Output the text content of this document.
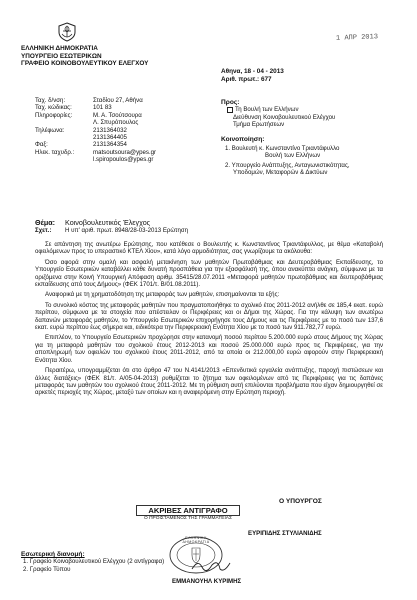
ΕΛΛΗΝΙΚΗ ΔΗΜΟΚΡΑΤΙΑ
ΥΠΟΥΡΓΕΙΟ ΕΣΩΤΕΡΙΚΩΝ
ΓΡΑΦΕΙΟ ΚΟΙΝΟΒΟΥΛΕΥΤΙΚΟΥ ΕΛΕΓΧΟΥ
1 ΑΠΡ 2013
Αθηνα, 18 - 04 - 2013
Αριθ. πρωτ.: 677
Ταχ. δ/νση:	Σταδίου 27, Αθήνα
Ταχ. κώδικας:	101 83
Πληροφορίες:	Μ. Α. Τσούτσουρα
Λ. Σπυρόπουλος
Τηλέφωνα:	2131364032
2131364405
Φαξ:	2131364354
Ηλεκ. ταχυδρ.:	matsoutsoura@ypes.gr
l.spiropoulos@ypes.gr
Προς:
Τη Βουλή των Ελλήνων
Διεύθυνση Κοινοβουλευτικού Ελέγχου
Τμήμα Ερωτήσεων
Κοινοποίηση:
1. Βουλευτή κ. Κωνσταντίνο Τριαντάφυλλο
Βουλή των Ελλήνων
2. Υπουργείο Ανάπτυξης, Ανταγωνιστικότητας,
Υποδομών, Μεταφορών & Δικτύων
Θέμα:	Κοινοβουλευτικός Έλεγχος
Σχετ.:	Η υπ' αριθ. πρωτ. 8948/28-03-2013 Ερώτηση

Σε απάντηση της ανωτέρω Ερώτησης, που κατέθεσε ο Βουλευτής κ. Κωνσταντίνος Τριαντάφυλλος, με θέμα «Καταβολή οφειλόμενων προς το υπεραστικό ΚΤΕΛ Χίου», κατά λόγο αρμοδιότητας, σας γνωρίζουμε τα ακόλουθα:

Όσο αφορά στην ομαλή και ασφαλή μετακίνηση των μαθητών Πρωτοβάθμιας και Δευτεροβάθμιας Εκπαίδευσης, το Υπουργείο Εσωτερικών καταβάλλει κάθε δυνατή προσπάθεια για την εξασφάλισή της, όπου ανακύπτει ανάγκη, σύμφωνα με τα οριζόμενα στην Κοινή Υπουργική Απόφαση αριθμ. 35415/28.07.2011 «Μεταφορά μαθητών πρωτοβάθμιας και δευτεροβάθμιας εκπαίδευσης από τους Δήμους» (ΦΕΚ 1701/τ. Β/01.08.2011).

Αναφορικά με τη χρηματοδότηση της μεταφοράς των μαθητών, επισημαίνονται τα εξής:

Το συνολικό κόστος της μεταφοράς μαθητών που πραγματοποιήθηκε το σχολικό έτος 2011-2012 ανήλθε σε 185,4 εκατ. ευρώ περίπου, σύμφωνα με τα στοιχεία που απέστειλαν οι Περιφέρειες και οι Δήμοι της Χώρας. Για την κάλυψη των ανωτέρω δαπανών μεταφοράς μαθητών, το Υπουργείο Εσωτερικών επιχορήγησε τους Δήμους και τις Περιφέρειες με το ποσό των 137,6 εκατ. ευρώ περίπου έως σήμερα και, ειδικότερα την Περιφερειακή Ενότητα Χίου με το ποσό των 911.782,77 ευρώ.

Επιπλέον, το Υπουργείο Εσωτερικών προχώρησε στην κατανομή ποσού περίπου 5.200.000 ευρώ στους Δήμους της Χώρας για τη μεταφορά μαθητών του σχολικού έτους 2012-2013 και ποσού 25.000.000 ευρώ προς τις Περιφέρειες, για την αποπληρωμή των οφειλών του σχολικού έτους 2011-2012, από τα οποία οι 212.000,00 ευρώ αφορούν στην Περιφερειακή Ενότητα Χίου.

Περαιτέρω, υπογραμμίζεται ότι στο άρθρο 47 του Ν.4141/2013 «Επενδυτικά εργαλεία ανάπτυξης, παροχή πιστώσεων και άλλες διατάξεις» (ΦΕΚ 81/τ. Α/05-04-2013) ρυθμίζεται το ζήτημα των οφειλομένων από τις Περιφέρειες για τις δαπάνες μεταφοράς των μαθητών του σχολικού έτους 2011-2012. Με τη ρύθμιση αυτή επιλύονται προβλήματα που είχαν δημιουργηθεί σε αρκετές περιοχές της Χώρας, μεταξύ των οποίων και η αναφερόμενη στην Ερώτηση περιοχή.

Ο ΥΠΟΥΡΓΟΣ
ΑΚΡΙΒΕΣ ΑΝΤΙΓΡΑΦΟ
Ο ΠΡΟΪΣΤΑΜΕΝΟΣ ΤΗΣ ΓΡΑΜΜΑΤΕΙΑΣ
ΕΥΡΙΠΙΔΗΣ ΣΤΥΛΙΑΝΙΔΗΣ
ΕΛΛΗΝΙΚΗ ΔΗΜΟΚΡΑΤΙΑ
Εσωτερική διανομή:
1. Γραφείο Κοινοβουλευτικού Ελέγχου (2 αντίγραφα)
2. Γραφείο Τύπου
ΕΜΜΑΝΟΥΗΛ ΚΥΡΙΜΗΣ
